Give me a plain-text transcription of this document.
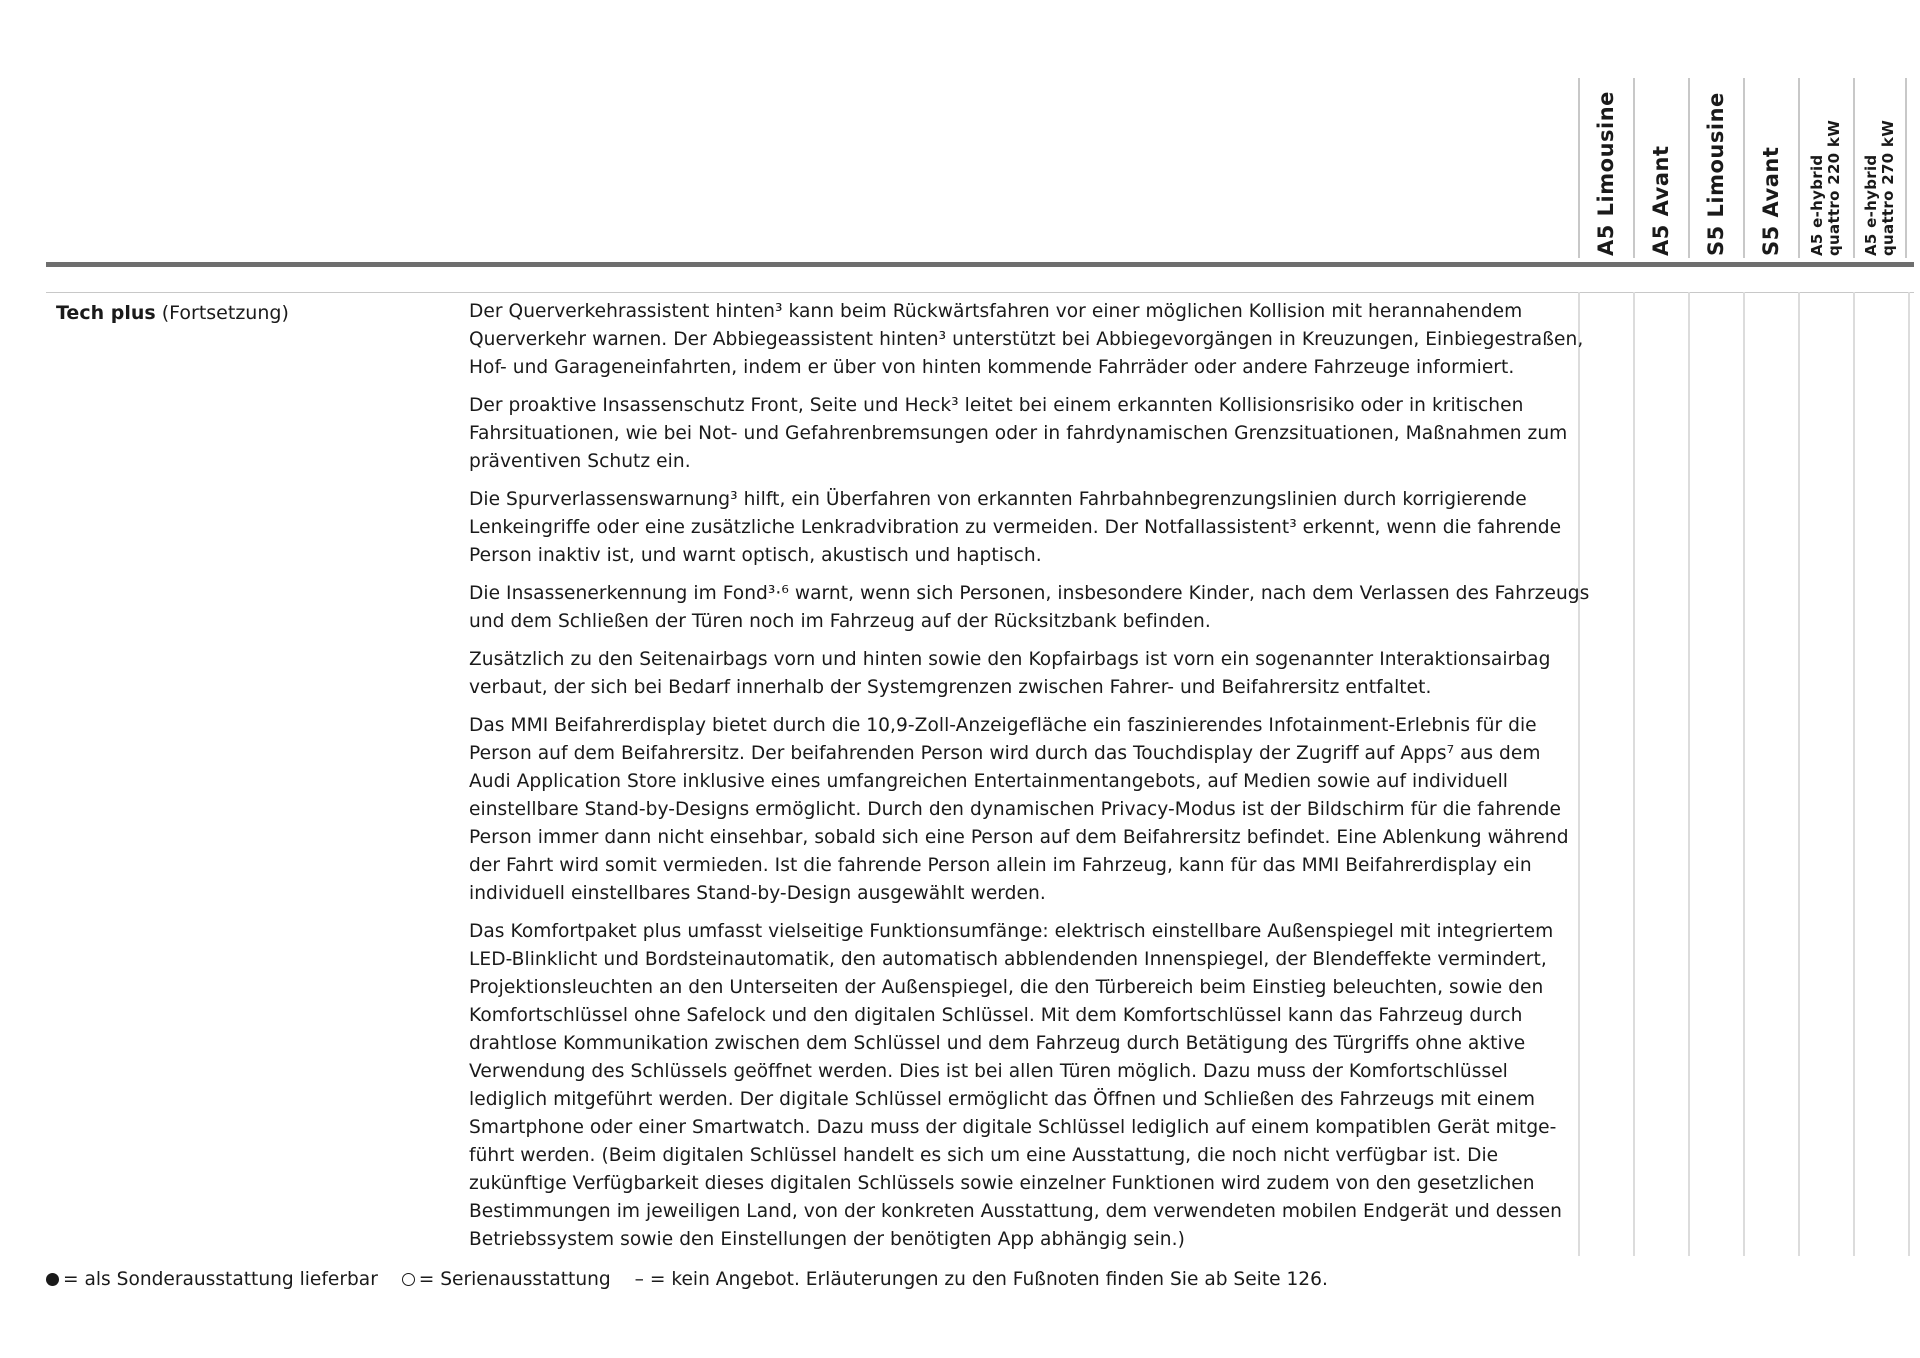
A5 Limousine A5 Avant S5 Limousine S5 Avant A5 e-hybrid quattro 220 kW A5 e-hybrid quattro 270 kW
Tech plus (Fortsetzung)	Der Querverkehrassistent hinten³ kann beim Rückwärtsfahren vor einer möglichen Kollision mit herannahendem
Querverkehr warnen. Der Abbiegeassistent hinten³ unterstützt bei Abbiegevorgängen in Kreuzungen, Einbiegestraßen,
Hof- und Garageneinfahrten, indem er über von hinten kommende Fahrräder oder andere Fahrzeuge informiert.

Der proaktive Insassenschutz Front, Seite und Heck³ leitet bei einem erkannten Kollisionsrisiko oder in kritischen
Fahrsituationen, wie bei Not- und Gefahrenbremsungen oder in fahrdynamischen Grenzsituationen, Maßnahmen zum
präventiven Schutz ein.

Die Spurverlassenswarnung³ hilft, ein Überfahren von erkannten Fahrbahnbegrenzungslinien durch korrigierende
Lenkeingriffe oder eine zusätzliche Lenkradvibration zu vermeiden. Der Notfallassistent³ erkennt, wenn die fahrende
Person inaktiv ist, und warnt optisch, akustisch und haptisch.

Die Insassenerkennung im Fond³·⁶ warnt, wenn sich Personen, insbesondere Kinder, nach dem Verlassen des Fahrzeugs
und dem Schließen der Türen noch im Fahrzeug auf der Rücksitzbank befinden.

Zusätzlich zu den Seitenairbags vorn und hinten sowie den Kopfairbags ist vorn ein sogenannter Interaktionsairbag
verbaut, der sich bei Bedarf innerhalb der Systemgrenzen zwischen Fahrer- und Beifahrersitz entfaltet.

Das MMI Beifahrerdisplay bietet durch die 10,9-Zoll-Anzeigefläche ein faszinierendes Infotainment-Erlebnis für die
Person auf dem Beifahrersitz. Der beifahrenden Person wird durch das Touchdisplay der Zugriff auf Apps⁷ aus dem
Audi Application Store inklusive eines umfangreichen Entertainmentangebots, auf Medien sowie auf individuell
einstellbare Stand-by-Designs ermöglicht. Durch den dynamischen Privacy-Modus ist der Bildschirm für die fahrende
Person immer dann nicht einsehbar, sobald sich eine Person auf dem Beifahrersitz befindet. Eine Ablenkung während
der Fahrt wird somit vermieden. Ist die fahrende Person allein im Fahrzeug, kann für das MMI Beifahrerdisplay ein
individuell einstellbares Stand-by-Design ausgewählt werden.

Das Komfortpaket plus umfasst vielseitige Funktionsumfänge: elektrisch einstellbare Außenspiegel mit integriertem
LED-Blinklicht und Bordsteinautomatik, den automatisch abblendenden Innenspiegel, der Blendeffekte vermindert,
Projektionsleuchten an den Unterseiten der Außenspiegel, die den Türbereich beim Einstieg beleuchten, sowie den
Komfortschlüssel ohne Safelock und den digitalen Schlüssel. Mit dem Komfortschlüssel kann das Fahrzeug durch
drahtlose Kommunikation zwischen dem Schlüssel und dem Fahrzeug durch Betätigung des Türgriffs ohne aktive
Verwendung des Schlüssels geöffnet werden. Dies ist bei allen Türen möglich. Dazu muss der Komfortschlüssel
lediglich mitgeführt werden. Der digitale Schlüssel ermöglicht das Öffnen und Schließen des Fahrzeugs mit einem
Smartphone oder einer Smartwatch. Dazu muss der digitale Schlüssel lediglich auf einem kompatiblen Gerät mitge-
führt werden. (Beim digitalen Schlüssel handelt es sich um eine Ausstattung, die noch nicht verfügbar ist. Die
zukünftige Verfügbarkeit dieses digitalen Schlüssels sowie einzelner Funktionen wird zudem von den gesetzlichen
Bestimmungen im jeweiligen Land, von der konkreten Ausstattung, dem verwendeten mobilen Endgerät und dessen
Betriebssystem sowie den Einstellungen der benötigten App abhängig sein.)

= als Sonderausstattung lieferbar = Serienausstattung – = kein Angebot. Erläuterungen zu den Fußnoten finden Sie ab Seite 126.
